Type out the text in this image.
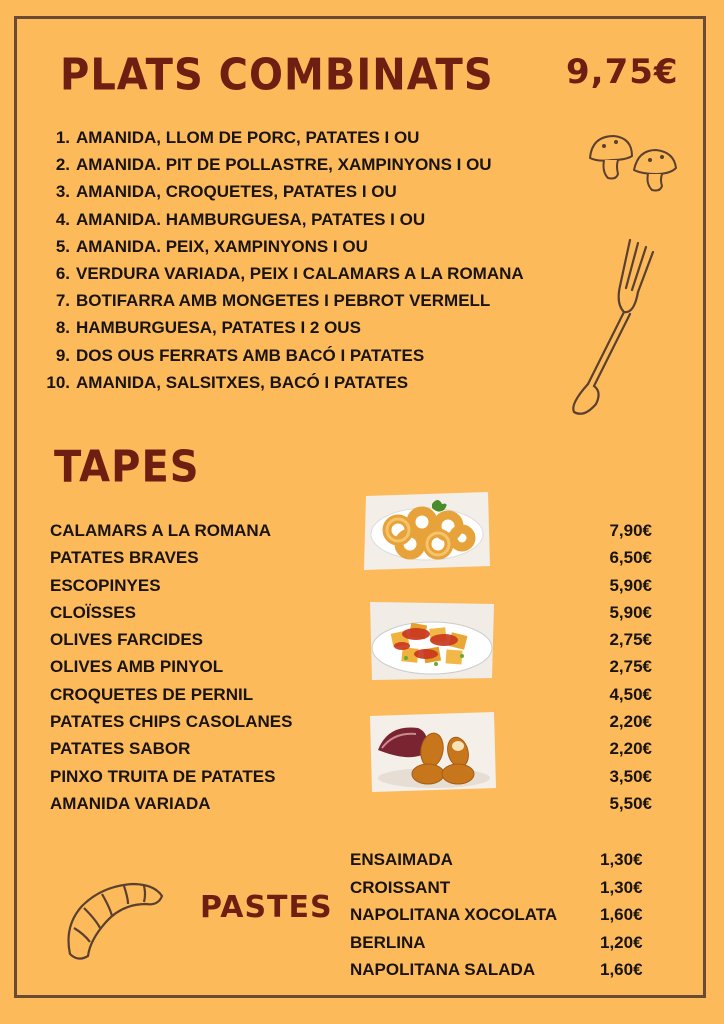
PLATS COMBINATS 9,75€
1. AMANIDA, LLOM DE PORC, PATATES I OU
2. AMANIDA. PIT DE POLLASTRE, XAMPINYONS I OU
3. AMANIDA, CROQUETES, PATATES I OU
4. AMANIDA. HAMBURGUESA, PATATES I OU
5. AMANIDA. PEIX, XAMPINYONS I OU
6. VERDURA VARIADA, PEIX I CALAMARS A LA ROMANA
7. BOTIFARRA AMB MONGETES I PEBROT VERMELL
8. HAMBURGUESA, PATATES I 2 OUS
9. DOS OUS FERRATS AMB BACÓ I PATATES
10. AMANIDA, SALSITXES, BACÓ I PATATES
TAPES
CALAMARS A LA ROMANA	7,90€
PATATES BRAVES	6,50€
ESCOPINYES	5,90€
CLOÏSSES	5,90€
OLIVES FARCIDES	2,75€
OLIVES AMB PINYOL	2,75€
CROQUETES DE PERNIL	4,50€
PATATES CHIPS CASOLANES	2,20€
PATATES SABOR	2,20€
PINXO TRUITA DE PATATES	3,50€
AMANIDA VARIADA	5,50€
PASTES
ENSAIMADA	1,30€
CROISSANT	1,30€
NAPOLITANA XOCOLATA	1,60€
BERLINA	1,20€
NAPOLITANA SALADA	1,60€
